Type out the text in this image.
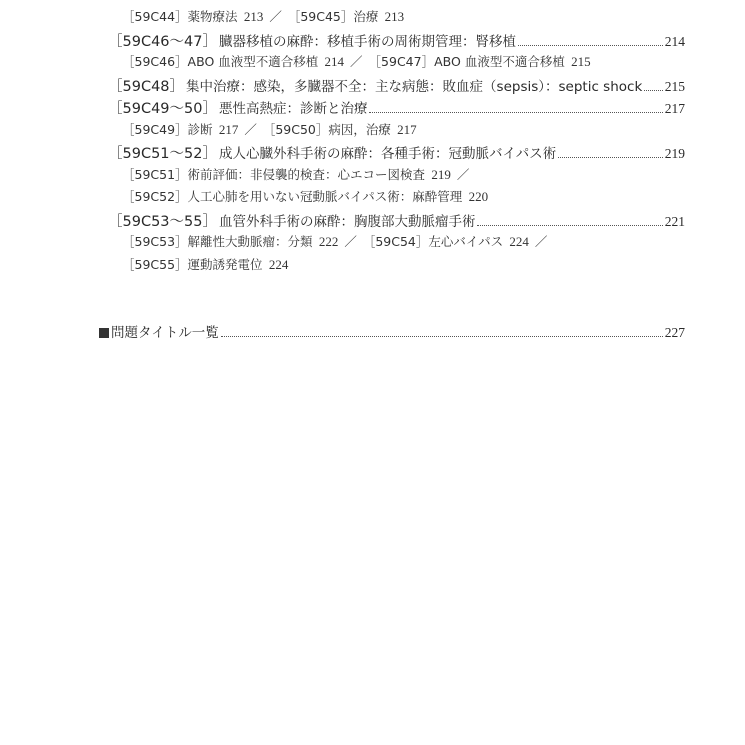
［59C44］薬物療法  213 ／ ［59C45］治療  213
［59C46～47］ 臓器移植の麻酔：移植手術の周術期管理：腎移植	214
［59C46］ABO 血液型不適合移植  214 ／ ［59C47］ABO 血液型不適合移植  215
［59C48］ 集中治療：感染，多臓器不全：主な病態：敗血症（sepsis）：septic shock 215
［59C49～50］ 悪性高熱症：診断と治療	217
［59C49］診断  217 ／ ［59C50］病因，治療  217
［59C51～52］ 成人心臓外科手術の麻酔：各種手術：冠動脈バイパス術	219
［59C51］術前評価：非侵襲的検査：心エコー図検査  219 ／
［59C52］人工心肺を用いない冠動脈バイパス術：麻酔管理  220
［59C53～55］ 血管外科手術の麻酔：胸腹部大動脈瘤手術	221
［59C53］解離性大動脈瘤：分類  222 ／ ［59C54］左心バイパス  224 ／
［59C55］運動誘発電位  224
問題タイトル一覧	227
